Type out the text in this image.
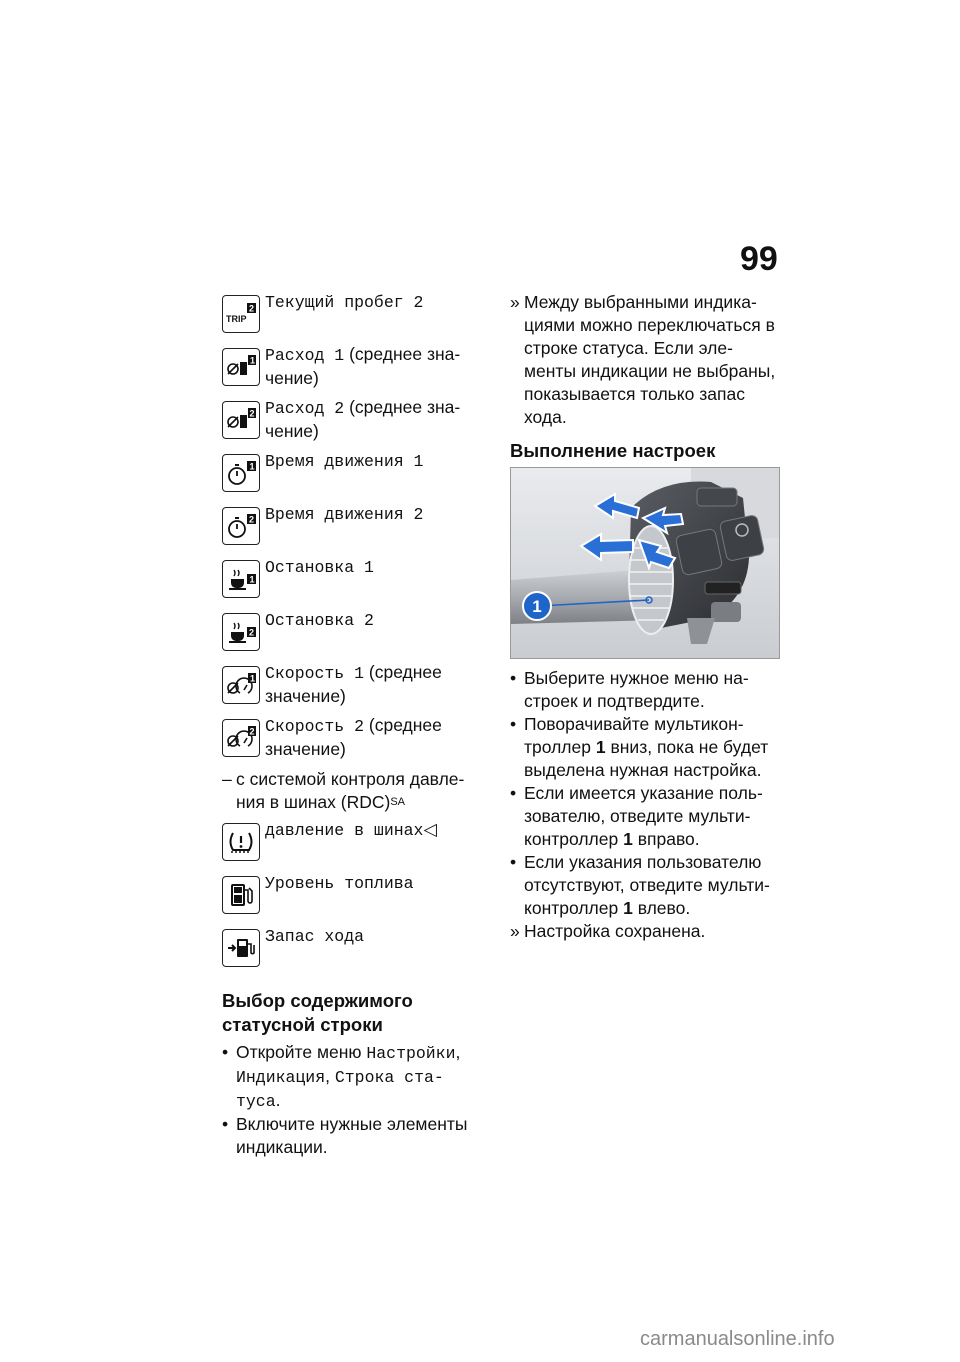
99
TRIP
2 Текущий пробег 2
1 Расход 1 (среднее зна-чение)
2 Расход 2 (среднее зна-чение)
1 Время движения 1
2 Время движения 2
1
Остановка 1
2
Остановка 2
1 Скорость 1 (среднее значение)
2 Скорость 2 (среднее значение)
– с системой контроля давле-ния в шинах (RDC)$^{SA}$
давление в шинах◁
Уровень топлива
Запас хода
Выбор содержимого
статусной строки
• Откройте меню Настройки, Индикация, Строка ста-туса.
• Включите нужные элементы индикации.
» Между выбранными индика-циями можно переключаться в строке статуса. Если эле-менты индикации не выбраны, показывается только запас хода.
Выполнение настроек
1
• Выберите нужное меню на-строек и подтвердите.
• Поворачивайте мультикон-троллер 1 вниз, пока не будет выделена нужная настройка.
• Если имеется указание поль-зователю, отведите мульти-контроллер 1 вправо.
• Если указания пользователю отсутствуют, отведите мульти-контроллер 1 влево.
» Настройка сохранена.
carmanualsonline.info
